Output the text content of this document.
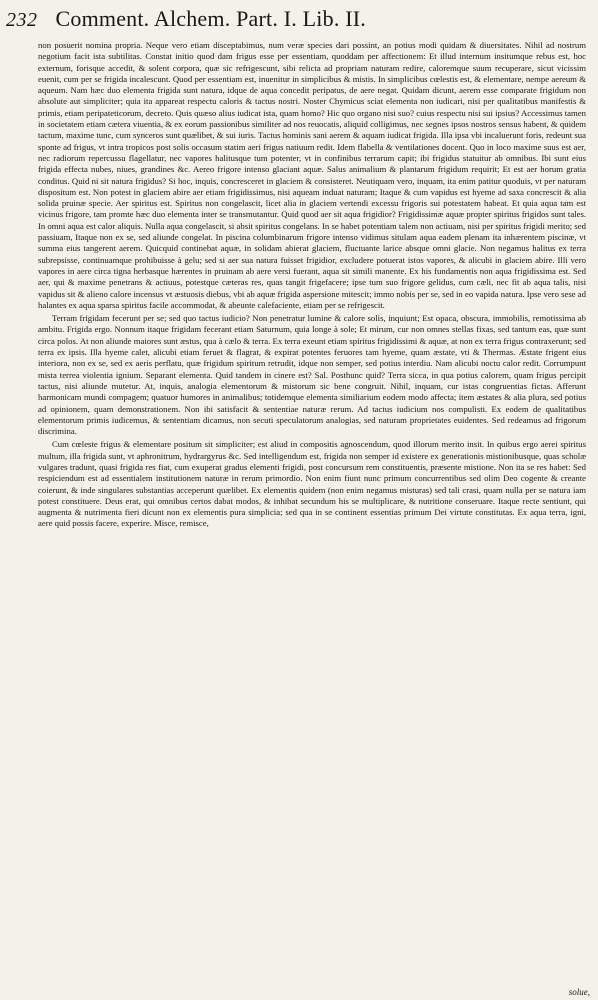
232 Comment. Alchem. Part. I. Lib. II.

non posuerit nomina propria. Neque vero etiam disceptabimus, num veræ species dari possint, an potius modi quidam & diuersitates. Nihil ad nostrum negotium facit ista subtilitas. Constat initio quod dam frigus esse per essentiam, quoddam per affectionem: Et illud internum insitumque rebus est, hoc externum, forisque accedit, & solent corpora, quæ sic refrigescunt, sibi relicta ad propriam naturam redire, caloremque suum recuperare, sicut vicissim euenit, cum per se frigida incalescunt. Quod per essentiam est, inuenitur in simplicibus & mistis. In simplicibus cœlestis est, & elementare, nempe aereum & aqueum. Nam hæc duo elementa frigida sunt natura, idque de aqua concedit peripatus, de aere negat. Quidam dicunt, aerem esse comparate frigidum non absolute aut simpliciter; quia ita appareat respectu caloris & tactus nostri. Noster Chymicus sciat elementa non iudicari, nisi per qualitatibus manifestis & primis, etiam peripateticorum, decreto. Quis quæso alius iudicat ista, quam homo? Hic quo organo nisi suo? cuius respectu nisi sui ipsius? Accessimus tamen in societatem etiam cætera viuentia, & ex eorum passionibus similiter ad nos reuocatis, aliquid colligimus, nec segnes ipsos nostros sensus habent, & quidem tactum, maxime tunc, cum synceros sunt quælibet, & sui iuris. Tactus hominis sani aerem & aquam iudicat frigida. Illa ipsa vbi incaluerunt foris, redeunt sua sponte ad frigus, vt intra tropicos post solis occasum statim aeri frigus natiuum redit. Idem flabella & ventilationes docent. Quo in loco maxime suus est aer, nec radiorum repercussu flagellatur, nec vapores halitusque tum potenter, vt in confinibus terrarum capit; ibi frigidus statuitur ab omnibus. Ibi sunt eius frigida effecta nubes, niues, grandines &c. Aereo frigore intenso glaciant aquæ. Salus animalium & plantarum frigidum requirit; Et est aer horum gratia conditus. Quid ni sit natura frigidus? Si hoc, inquis, concresceret in glaciem & consisteret. Neutiquam vero, inquam, ita enim patitur quoduis, vt per naturam dispositum est. Non potest in glaciem abire aer etiam frigidissimus, nisi aqueam induat naturam; Itaque & cum vapidus est hyeme ad saxa concrescit & alia solida pruinæ specie. Aer spiritus est. Spiritus non congelascit, licet alia in glaciem vertendi excessu frigoris sui potestatem habeat. Et quia aqua tam est vicinus frigore, tam promte hæc duo elementa inter se transmutantur. Quid quod aer sit aqua frigidior? Frigidissimæ aquæ propter spiritus frigidos sunt tales. In omni aqua est calor aliquis. Nulla aqua congelascit, si absit spiritus congelans. In se habet potentiam talem non actiuam, nisi per spiritus frigidi merito; sed passiuam, Itaque non ex se, sed aliunde congelat. In piscina columbinarum frigore intenso vidimus situlam aqua eadem plenam ita inhærentem piscinæ, vt summa eius tangerent aerem. Quicquid continebat aquæ, in solidam abierat glaciem, fluctuante larice absque omni glacie. Non negamus halitus ex terra subrepsisse, continuamque prohibuisse à gelu; sed si aer sua natura fuisset frigidior, excludere potuerat istos vapores, & alicubi in glaciem abire. Illi vero vapores in aere circa tigna herbasque hærentes in pruinam ab aere versi fuerant, aqua sit simili manente. Ex his fundamentis non aqua frigidissima est. Sed aer, qui & maxime penetrans & actiuus, potestque cæteras res, quas tangit frigefacere; ipse tum suo frigore gelidus, cum cæli, nec fit ab aqua talis, nisi vapidus sit & alieno calore incensus vt æstuosis diebus, vbi ab aquæ frigida aspersione mitescit; immo nobis per se, sed in eo vapida natura. Ipse vero sese ad halantes ex aqua sparsa spiritus facile accommodat, & abeunte calefaciente, etiam per se refrigescit.

Terram frigidam fecerunt per se; sed quo tactus iudicio? Non penetratur lumine & calore solis, inquiunt; Est opaca, obscura, immobilis, remotissima ab ambitu. Frigida ergo. Nonnum itaque frigidam fecerant etiam Saturnum, quia longe à sole; Et mirum, cur non omnes stellas fixas, sed tantum eas, quæ sunt circa polos. At non aliunde maiores sunt æstus, qua à cælo & terra. Ex terra exeunt etiam spiritus frigidissimi & aquæ, at non ex terra frigus contraxerunt; sed terra ex ipsis. Illa hyeme calet, alicubi etiam feruet & flagrat, & expirat potentes feruores tam hyeme, quam æstate, vti & Thermas. Æstate frigent eius interiora, non ex se, sed ex aeris perflatu, quæ frigidum spiritum retrudit, idque non semper, sed potius interdiu. Nam alicubi noctu calor redit. Corrumpunt mista terrea violentia ignium. Separant elementa. Quid tandem in cinere est? Sal. Posthunc quid? Terra sicca, in qua potius calorem, quam frigus percipit tactus, nisi aliunde mutetur. At, inquis, analogia elementorum & mistorum sic bene congruit. Nihil, inquam, cur istas congruentias fictas. Afferunt harmonicam mundi compagem; quatuor humores in animalibus; totidemque elementa similiarium eodem modo affecta; item æstates & alia plura, sed potius ad opinionem, quam demonstrationem. Non ibi satisfacit & sententiae naturæ rerum. Ad tactus iudicium nos compulisti. Ex eodem de qualitatibus elementorum primis iudicemus, & sententiam dicamus, non secuti speculatorum analogias, sed naturam proprietates euidentes. Sed redeamus ad frigorum discrimina.

Cum cœleste frigus & elementare positum sit simpliciter; est aliud in compositis agnoscendum, quod illorum merito insit. In quibus ergo aerei spiritus multum, illa frigida sunt, vt aphronitrum, hydrargyrus &c. Sed intelligendum est, frigida non semper id existere ex generationis mistionibusque, quas scholæ vulgares tradunt, quasi frigida res fiat, cum exuperat gradus elementi frigidi, post concursum rem constituentis, præsente mistione. Non ita se res habet: Sed respiciendum est ad essentialem institutionem naturæ in rerum primordio. Non enim fiunt nunc primum concurrentibus sed olim Deo cogente & creante coierunt, & inde singulares substantias acceperunt quælibet. Ex elementis quidem (non enim negamus misturas) sed tali crasi, quam nulla per se natura iam potest constituere. Deus erat, qui omnibus certos dabat modos, & inhibat secundum his se multiplicare, & nutritione conseruare. Itaque recte sentiunt, qui augmenta & nutrimenta fieri dicunt non ex elementis pura simplicia; sed qua in se continent essentias primum Dei virtute constitutas. Ex aqua terra, igni, aere quid possis facere, experire. Misce, remisce,

solue,
